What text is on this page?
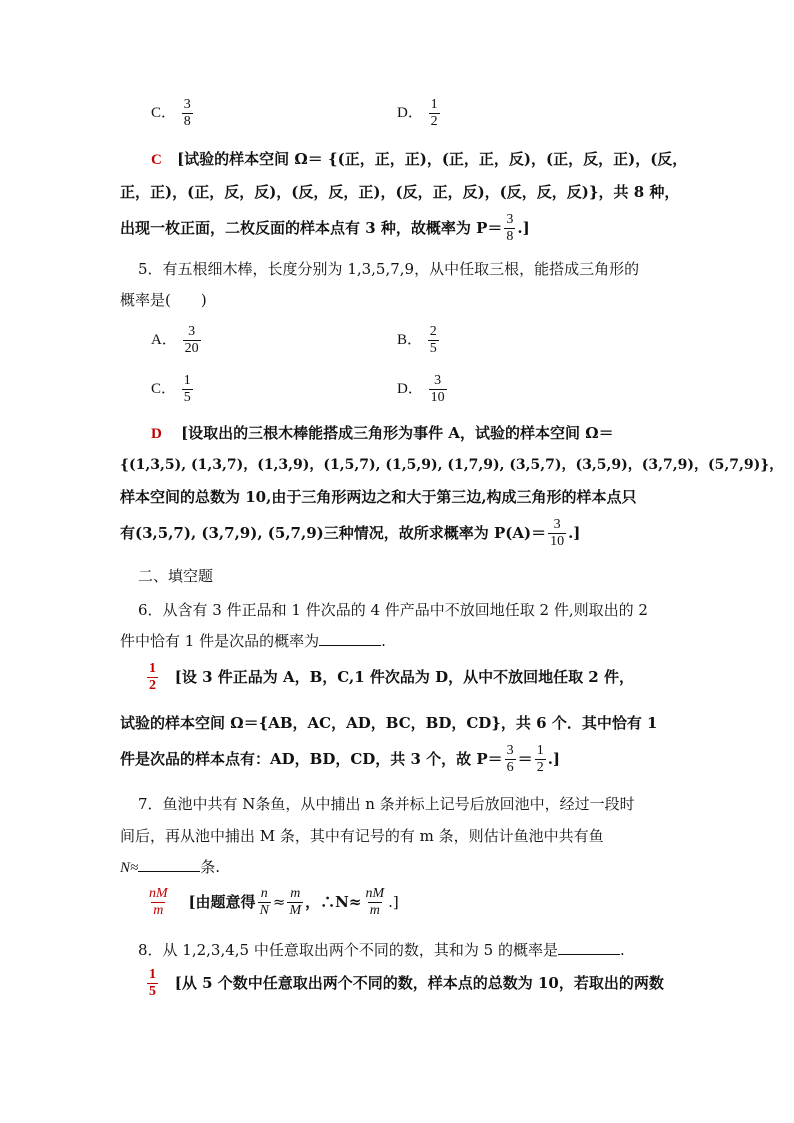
C． $\frac{3}{8}$	D． $\frac{1}{2}$
C [试验的样本空间 Ω＝ {(正，正，正)，(正，正，反)，(正，反，正)，(反，
正，正)，(正，反，反)，(反，反，正)，(反，正，反)，(反，反，反)}，共 8 种，
出现一枚正面，二枚反面的样本点有 3 种，故概率为 $P= \frac{3}{8}$ .]
5．有五根细木棒，长度分别为 1,3,5,7,9，从中任取三根，能搭成三角形的
概率是(　　)
A． $\frac{3}{20}$	B． $\frac{2}{5}$
C． $\frac{1}{5}$	D． $\frac{3}{10}$
D [设取出的三根木棒能搭成三角形为事件 A，试验的样本空间 Ω＝
{(1,3,5), (1,3,7)，(1,3,9)，(1,5,7), (1,5,9), (1,7,9), (3,5,7)，(3,5,9)，(3,7,9)，(5,7,9)}，
样本空间的总数为 10,由于三角形两边之和大于第三边,构成三角形的样本点只
有(3,5,7), (3,7,9), (5,7,9)三种情况，故所求概率为 $P(A)= \frac{3}{10}$ .]
二、填空题
6．从含有 3 件正品和 1 件次品的 4 件产品中不放回地任取 2 件,则取出的 2
件中恰有 1 件是次品的概率为	.
$\frac{1}{2}$ [设 3 件正品为 A，B，C,1 件次品为 D，从中不放回地任取 2 件，
试验的样本空间 Ω＝{AB，AC，AD，BC，BD，CD}，共 6 个．其中恰有 1
件是次品的样本点有：AD，BD，CD，共 3 个，故 $P= \frac{3}{6} = \frac{1}{2}$ .]
7．鱼池中共有 N条鱼，从中捕出 n 条并标上记号后放回池中，经过一段时
间后，再从池中捕出 M 条，其中有记号的有 m 条，则估计鱼池中共有鱼
N≈	条.
$\frac{nM}{m}$ [由题意得 $\frac{n}{N} \approx \frac{m}{M}$ ，∴N≈ $\frac{nM}{m}$ .]
8．从 1,2,3,4,5 中任意取出两个不同的数，其和为 5 的概率是	.
$\frac{1}{5}$ [从 5 个数中任意取出两个不同的数，样本点的总数为 10，若取出的两数
